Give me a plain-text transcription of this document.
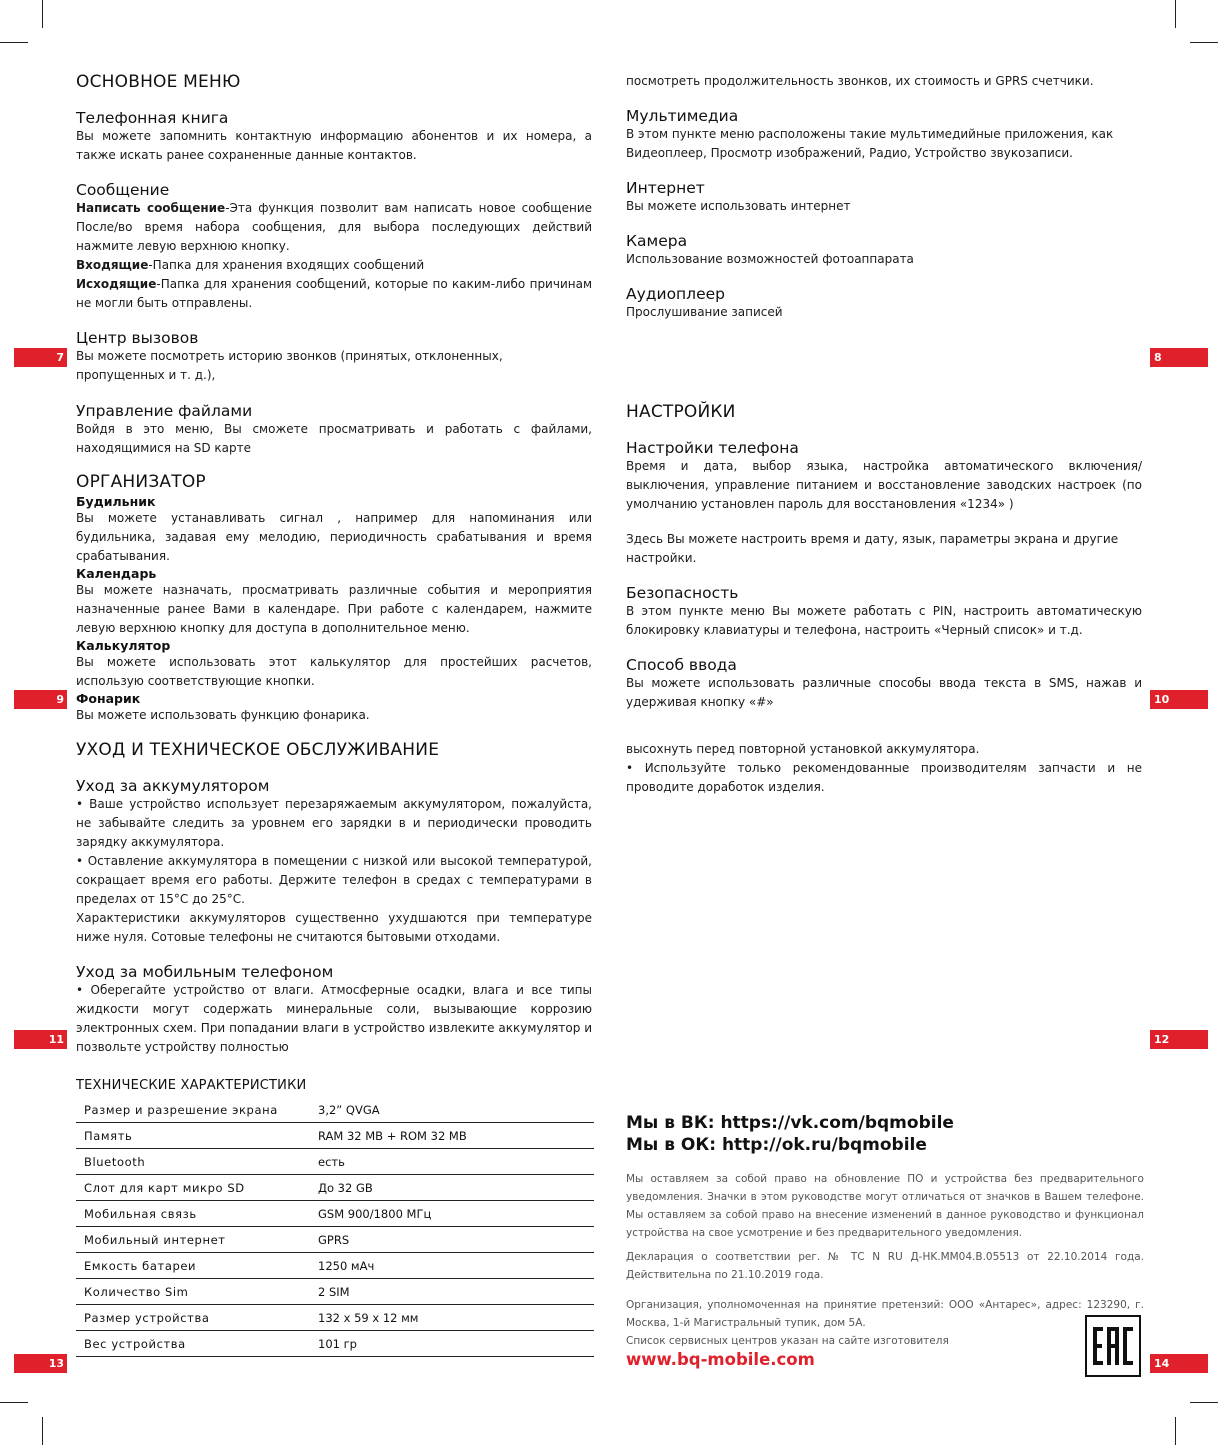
ОСНОВНОЕ МЕНЮ
Телефонная книга

Вы можете запомнить контактную информацию абонентов и их номера, а также искать ранее сохраненные данные контактов.

Сообщение

Написать сообщение-Эта функция позволит вам написать новое сообщение После/во время набора сообщения, для выбора последующих действий нажмите левую верхнюю кнопку.

Входящие-Папка для хранения входящих сообщений

Исходящие-Папка для хранения сообщений, которые по каким-либо причинам не могли быть отправлены.

Центр вызовов

Вы можете посмотреть историю звонков (принятых, отклоненных, пропущенных и т. д.),

7

посмотреть продолжительность звонков, их стоимость и GPRS счетчики.

Мультимедиа

В этом пункте меню расположены такие мультимедийные приложения, как Видеоплеер, Просмотр изображений, Радио, Устройство звукозаписи.

Интернет

Вы можете использовать интернет

Камера

Использование возможностей фотоаппарата

Аудиоплеер

Прослушивание записей

8
Управление файлами

Войдя в это меню, Вы сможете просматривать и работать с файлами, находящимися на SD карте

ОРГАНИЗАТОР
Будильник

Вы можете устанавливать сигнал , например для напоминания или будильника, задавая ему мелодию, периодичность срабатывания и время срабатывания.

Календарь

Вы можете назначать, просматривать различные события и мероприятия назначенные ранее Вами в календаре. При работе с календарем, нажмите левую верхнюю кнопку для доступа в дополнительное меню.

Калькулятор

Вы можете использовать этот калькулятор для простейших расчетов, использую соответствующие кнопки.

Фонарик

Вы можете использовать функцию фонарика.

9
НАСТРОЙКИ
Настройки телефона

Время и дата, выбор языка, настройка автоматического включения/выключения, управление питанием и восстановление заводских настроек (по умолчанию установлен пароль для восстановления «1234» )

Здесь Вы можете настроить время и дату, язык, параметры экрана и другие настройки.

Безопасность

В этом пункте меню Вы можете работать с PIN, настроить автоматическую блокировку клавиатуры и телефона, настроить «Черный список» и т.д.

Способ ввода

Вы можете использовать различные способы ввода текста в SMS, нажав и удерживая кнопку «#»	10
УХОД И ТЕХНИЧЕСКОЕ ОБСЛУЖИВАНИЕ
Уход за аккумулятором

• Ваше устройство использует перезаряжаемым аккумулятором, пожалуйста, не забывайте следить за уровнем его зарядки в и периодически проводить зарядку аккумулятора.

• Оставление аккумулятора в помещении с низкой или высокой температурой, сокращает время его работы. Держите телефон в средах с температурами в пределах от 15°С до 25°С.

Характеристики аккумуляторов существенно ухудшаются при температуре ниже нуля. Сотовые телефоны не считаются бытовыми отходами.

Уход за мобильным телефоном

• Оберегайте устройство от влаги. Атмосферные осадки, влага и все типы жидкости могут содержать минеральные соли, вызывающие коррозию электронных схем. При попадании влаги в устройство извлеките аккумулятор и позвольте устройству полностью

11

высохнуть перед повторной установкой аккумулятора.

• Используйте только рекомендованные производителям запчасти и не проводите доработок изделия.

12
ТЕХНИЧЕСКИЕ ХАРАКТЕРИСТИКИ
Размер и разрешение экрана	3,2” QVGA
Память	RAM 32 MB + ROM 32 MB
Bluetooth	есть
Слот для карт микро SD	До 32 GB
Мобильная связь	GSM 900/1800 МГц
Мобильный интернет	GPRS
Емкость батареи	1250 мАч
Количество Sim	2 SIM
Размер устройства	132 х 59 х 12 мм
Вес устройства	101 гр
13
Мы в ВК: https://vk.com/bqmobile
Мы в ОК: http://ok.ru/bqmobile

Мы оставляем за собой право на обновление ПО и устройства без предварительного уведомления. Значки в этом руководстве могут отличаться от значков в Вашем телефоне. Мы оставляем за собой право на внесение изменений в данное руководство и функционал устройства на свое усмотрение и без предварительного уведомления.

Декларация о соответствии рег. № ТС N RU Д-HK.MM04.B.05513 от 22.10.2014 года. Действительна по 21.10.2019 года.

Организация, уполномоченная на принятие претензий: ООО «Антарес», адрес: 123290, г. Москва, 1-й Магистральный тупик, дом 5А.

Список сервисных центров указан на сайте изготовителя

www.bq-mobile.com	14
